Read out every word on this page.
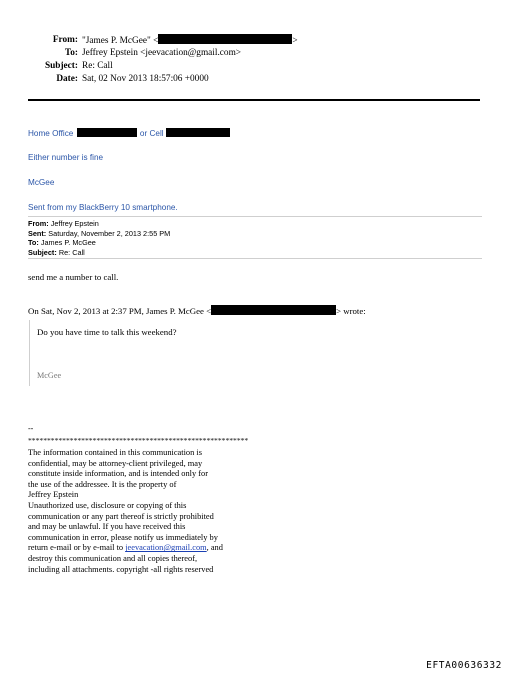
From: "James P. McGee" <	>
To: Jeffrey Epstein <jeevacation@gmail.com>
Subject: Re: Call
Date: Sat, 02 Nov 2013 18:57:06 +0000
Home Office	or Cell
Either number is fine
McGee
Sent from my BlackBerry 10 smartphone.
From: Jeffrey Epstein
Sent: Saturday, November 2, 2013 2:55 PM
To: James P. McGee
Subject: Re: Call
send me a number to call.
On Sat, Nov 2, 2013 at 2:37 PM, James P. McGee <	> wrote:
Do you have time to talk this weekend?
McGee
--
**********************************************************
The information contained in this communication is
confidential, may be attorney-client privileged, may
constitute inside information, and is intended only for
the use of the addressee. It is the property of
Jeffrey Epstein
Unauthorized use, disclosure or copying of this
communication or any part thereof is strictly prohibited
and may be unlawful. If you have received this
communication in error, please notify us immediately by
return e-mail or by e-mail to jeevacation@gmail.com, and
destroy this communication and all copies thereof,
including all attachments. copyright -all rights reserved
EFTA00636332
